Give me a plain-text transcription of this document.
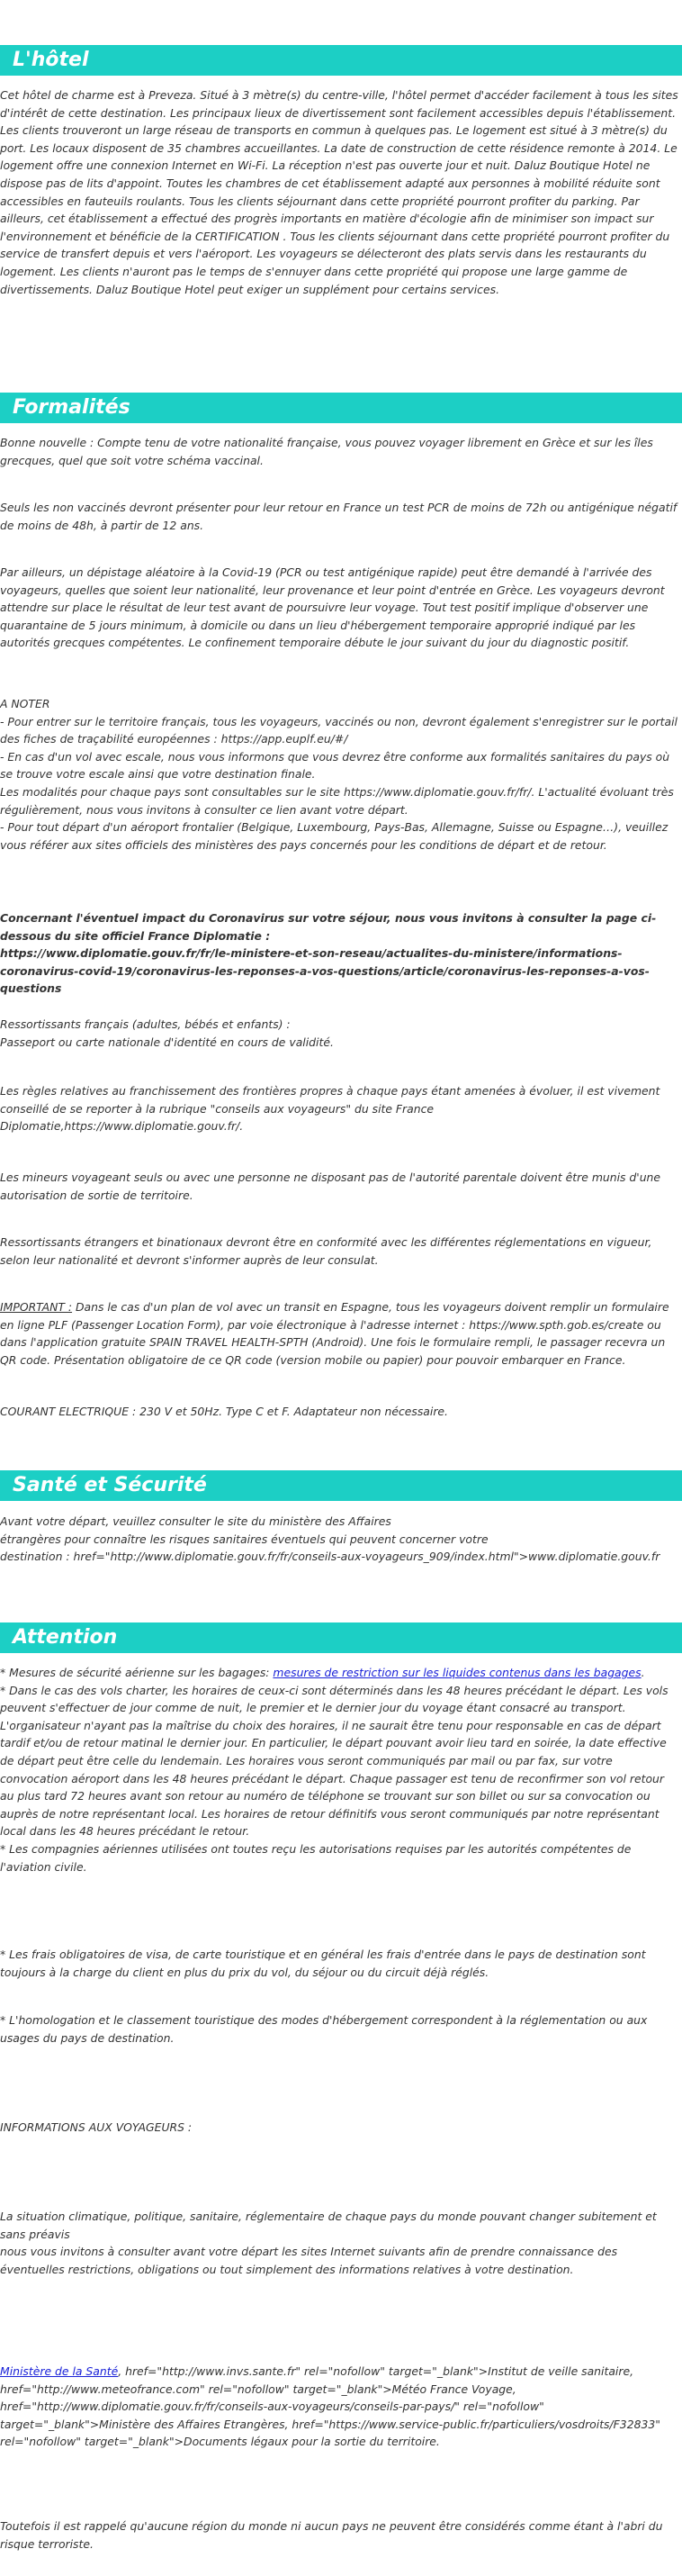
L'hôtel
Cet hôtel de charme est à Preveza. Situé à 3 mètre(s) du centre-ville, l'hôtel permet d'accéder facilement à tous les sites d'intérêt de cette destination. Les principaux lieux de divertissement sont facilement accessibles depuis l'établissement. Les clients trouveront un large réseau de transports en commun à quelques pas. Le logement est situé à 3 mètre(s) du port. Les locaux disposent de 35 chambres accueillantes. La date de construction de cette résidence remonte à 2014. Le logement offre une connexion Internet en Wi-Fi. La réception n'est pas ouverte jour et nuit. Daluz Boutique Hotel ne dispose pas de lits d'appoint. Toutes les chambres de cet établissement adapté aux personnes à mobilité réduite sont accessibles en fauteuils roulants. Tous les clients séjournant dans cette propriété pourront profiter du parking. Par ailleurs, cet établissement a effectué des progrès importants en matière d'écologie afin de minimiser son impact sur l'environnement et bénéficie de la CERTIFICATION . Tous les clients séjournant dans cette propriété pourront profiter du service de transfert depuis et vers l'aéroport. Les voyageurs se délecteront des plats servis dans les restaurants du logement. Les clients n'auront pas le temps de s'ennuyer dans cette propriété qui propose une large gamme de divertissements. Daluz Boutique Hotel peut exiger un supplément pour certains services.
Formalités
Bonne nouvelle : Compte tenu de votre nationalité française, vous pouvez voyager librement en Grèce et sur les îles grecques, quel que soit votre schéma vaccinal.
Seuls les non vaccinés devront présenter pour leur retour en France un test PCR de moins de 72h ou antigénique négatif de moins de 48h, à partir de 12 ans.
Par ailleurs, un dépistage aléatoire à la Covid-19 (PCR ou test antigénique rapide) peut être demandé à l'arrivée des voyageurs, quelles que soient leur nationalité, leur provenance et leur point d'entrée en Grèce. Les voyageurs devront attendre sur place le résultat de leur test avant de poursuivre leur voyage. Tout test positif implique d'observer une quarantaine de 5 jours minimum, à domicile ou dans un lieu d'hébergement temporaire approprié indiqué par les autorités grecques compétentes. Le confinement temporaire débute le jour suivant du jour du diagnostic positif.
A NOTER
- Pour entrer sur le territoire français, tous les voyageurs, vaccinés ou non, devront également s'enregistrer sur le portail des fiches de traçabilité européennes : https://app.euplf.eu/#/
- En cas d'un vol avec escale, nous vous informons que vous devrez être conforme aux formalités sanitaires du pays où se trouve votre escale ainsi que votre destination finale.
Les modalités pour chaque pays sont consultables sur le site https://www.diplomatie.gouv.fr/fr/. L'actualité évoluant très régulièrement, nous vous invitons à consulter ce lien avant votre départ.
- Pour tout départ d'un aéroport frontalier (Belgique, Luxembourg, Pays-Bas, Allemagne, Suisse ou Espagne…), veuillez vous référer aux sites officiels des ministères des pays concernés pour les conditions de départ et de retour.
Concernant l'éventuel impact du Coronavirus sur votre séjour, nous vous invitons à consulter la page ci-dessous du site officiel France Diplomatie :
https://www.diplomatie.gouv.fr/fr/le-ministere-et-son-reseau/actualites-du-ministere/informations-coronavirus-covid-19/coronavirus-les-reponses-a-vos-questions/article/coronavirus-les-reponses-a-vos-questions
Ressortissants français (adultes, bébés et enfants) :
Passeport ou carte nationale d'identité en cours de validité.
Les règles relatives au franchissement des frontières propres à chaque pays étant amenées à évoluer, il est vivement conseillé de se reporter à la rubrique "conseils aux voyageurs" du site France Diplomatie,https://www.diplomatie.gouv.fr/.
Les mineurs voyageant seuls ou avec une personne ne disposant pas de l'autorité parentale doivent être munis d'une autorisation de sortie de territoire.
Ressortissants étrangers et binationaux devront être en conformité avec les différentes réglementations en vigueur, selon leur nationalité et devront s'informer auprès de leur consulat.
IMPORTANT : Dans le cas d'un plan de vol avec un transit en Espagne, tous les voyageurs doivent remplir un formulaire en ligne PLF (Passenger Location Form), par voie électronique à l'adresse internet : https://www.spth.gob.es/create ou dans l'application gratuite SPAIN TRAVEL HEALTH-SPTH (Android). Une fois le formulaire rempli, le passager recevra un QR code. Présentation obligatoire de ce QR code (version mobile ou papier) pour pouvoir embarquer en France.
COURANT ELECTRIQUE : 230 V et 50Hz. Type C et F. Adaptateur non nécessaire.
Santé et Sécurité
Avant votre départ, veuillez consulter le site du ministère des Affaires
étrangères pour connaître les risques sanitaires éventuels qui peuvent concerner votre
destination : href="http://www.diplomatie.gouv.fr/fr/conseils-aux-voyageurs_909/index.html">www.diplomatie.gouv.fr
Attention
* Mesures de sécurité aérienne sur les bagages: mesures de restriction sur les liquides contenus dans les bagages.
* Dans le cas des vols charter, les horaires de ceux-ci sont déterminés dans les 48 heures précédant le départ. Les vols peuvent s'effectuer de jour comme de nuit, le premier et le dernier jour du voyage étant consacré au transport. L'organisateur n'ayant pas la maîtrise du choix des horaires, il ne saurait être tenu pour responsable en cas de départ tardif et/ou de retour matinal le dernier jour. En particulier, le départ pouvant avoir lieu tard en soirée, la date effective de départ peut être celle du lendemain. Les horaires vous seront communiqués par mail ou par fax, sur votre convocation aéroport dans les 48 heures précédant le départ. Chaque passager est tenu de reconfirmer son vol retour au plus tard 72 heures avant son retour au numéro de téléphone se trouvant sur son billet ou sur sa convocation ou auprès de notre représentant local. Les horaires de retour définitifs vous seront communiqués par notre représentant local dans les 48 heures précédant le retour.
* Les compagnies aériennes utilisées ont toutes reçu les autorisations requises par les autorités compétentes de l'aviation civile.
* Les frais obligatoires de visa, de carte touristique et en général les frais d'entrée dans le pays de destination sont toujours à la charge du client en plus du prix du vol, du séjour ou du circuit déjà réglés.
* L'homologation et le classement touristique des modes d'hébergement correspondent à la réglementation ou aux usages du pays de destination.
INFORMATIONS AUX VOYAGEURS :
La situation climatique, politique, sanitaire, réglementaire de chaque pays du monde pouvant changer subitement et sans préavis
nous vous invitons à consulter avant votre départ les sites Internet suivants afin de prendre connaissance des éventuelles restrictions, obligations ou tout simplement des informations relatives à votre destination.
Ministère de la Santé, href="http://www.invs.sante.fr" rel="nofollow" target="_blank">Institut de veille sanitaire, href="http://www.meteofrance.com" rel="nofollow" target="_blank">Météo France Voyage, href="http://www.diplomatie.gouv.fr/fr/conseils-aux-voyageurs/conseils-par-pays/" rel="nofollow" target="_blank">Ministère des Affaires Etrangères, href="https://www.service-public.fr/particuliers/vosdroits/F32833" rel="nofollow" target="_blank">Documents légaux pour la sortie du territoire.
Toutefois il est rappelé qu'aucune région du monde ni aucun pays ne peuvent être considérés comme étant à l'abri du risque terroriste.
